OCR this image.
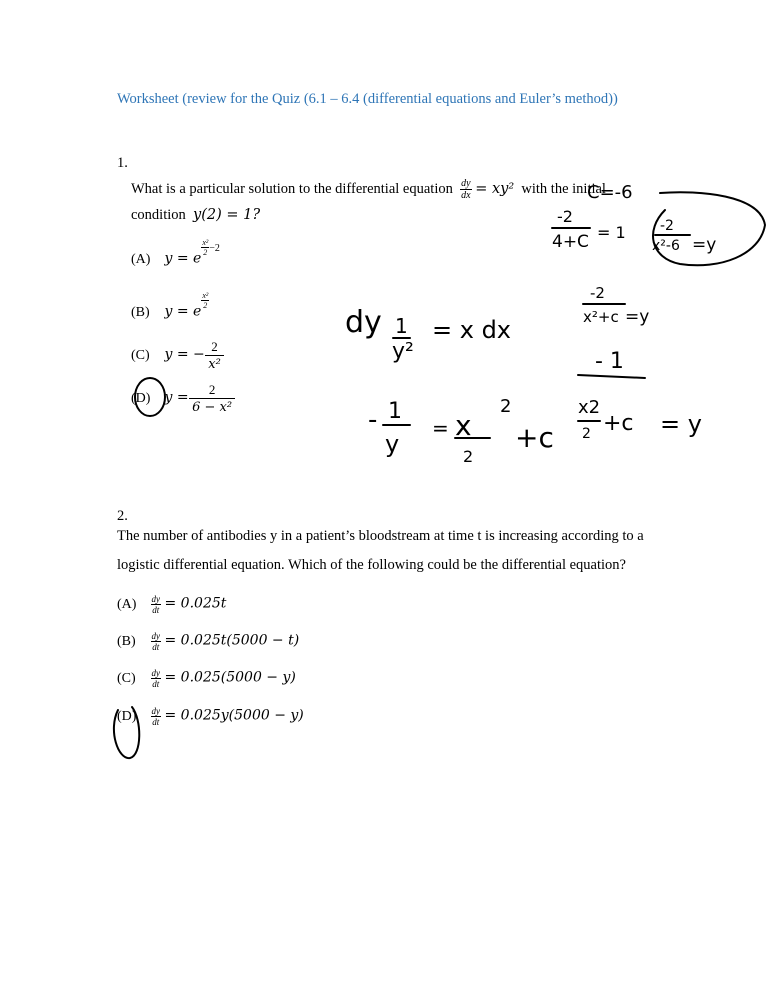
Worksheet (review for the Quiz (6.1 – 6.4 (differential equations and Euler’s method))
1.
What is a particular solution to the differential equation $\frac{dy}{dx} = xy^2$ with the initial
condition y(2) = 1?
(A) y = e
$\frac{\text{x²}}{2} -2$
(B) y = e
$\frac{\text{x²}}{2}$
(C) y = − $\frac{2}{\text{x²}}$
(D) $y = \frac{2}{\text{6 − x²}}$
2.
The number of antibodies y in a patient’s bloodstream at time t is increasing according to a
logistic differential equation. Which of the following could be the differential equation?
$(A) \frac{dy}{dt} = 0.025t$
$(B) \frac{dy}{dt} = 0.025t(5000 - t)$
$(C) \frac{dy}{dt} = 0.025(5000 - y)$
$(D) \frac{dy}{dt} = 0.025y(5000 - y)$
C=-6
-2
4+C = 1 -2
x²-6 =y
dy 1
y²
= x dx
-2
x²+c =y
- 1
y
= x
2
2
+c
- 1
x2
2 +c = y
